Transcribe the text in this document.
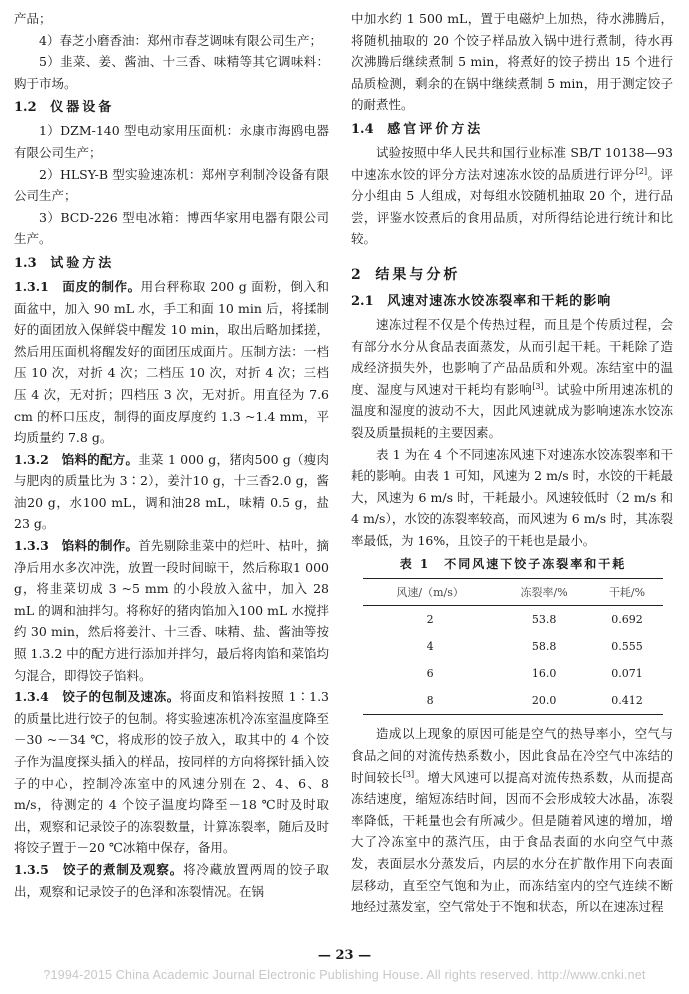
产品；

4）春芝小磨香油：郑州市春芝调味有限公司生产；

5）韭菜、姜、酱油、十三香、味精等其它调味料：购于市场。

1.2 仪器设备

1）DZM-140 型电动家用压面机：永康市海鸥电器有限公司生产；

2）HLSY-B 型实验速冻机：郑州亨利制冷设备有限公司生产；

3）BCD-226 型电冰箱：博西华家用电器有限公司生产。

1.3 试验方法

1.3.1　面皮的制作。用台秤称取 200 g 面粉，倒入和面盆中，加入 90 mL 水，手工和面 10 min 后，将揉制好的面团放入保鲜袋中醒发 10 min，取出后略加揉搓，然后用压面机将醒发好的面团压成面片。压制方法：一档压 10 次，对折 4 次；二档压 10 次，对折 4 次；三档压 4 次，无对折；四档压 3 次，无对折。用直径为 7.6 cm 的杯口压皮，制得的面皮厚度约 1.3 ~1.4 mm，平均质量约 7.8 g。

1.3.2　馅料的配方。韭菜 1 000 g，猪肉500 g（瘦肉与肥肉的质量比为 3∶2），姜汁10 g，十三香2.0 g，酱油20 g，水100 mL，调和油28 mL，味精 0.5 g，盐 23 g。

1.3.3　馅料的制作。首先剔除韭菜中的烂叶、枯叶，摘净后用水多次冲洗，放置一段时间晾干，然后称取1 000 g，将韭菜切成 3 ~5 mm 的小段放入盆中，加入 28 mL 的调和油拌匀。将称好的猪肉馅加入100 mL 水搅拌约 30 min，然后将姜汁、十三香、味精、盐、酱油等按照 1.3.2 中的配方进行添加并拌匀，最后将肉馅和菜馅均匀混合，即得饺子馅料。

1.3.4　饺子的包制及速冻。将面皮和馅料按照 1∶1.3的质量比进行饺子的包制。将实验速冻机冷冻室温度降至－30 ~－34 ℃，将成形的饺子放入，取其中的 4 个饺子作为温度探头插入的样品，按同样的方向将探针插入饺子的中心，控制冷冻室中的风速分别在 2、4、6、8 m/s，待测定的 4 个饺子温度均降至－18 ℃时及时取出，观察和记录饺子的冻裂数量，计算冻裂率，随后及时将饺子置于－20 ℃冰箱中保存，备用。

1.3.5　饺子的煮制及观察。将冷藏放置两周的饺子取出，观察和记录饺子的色泽和冻裂情况。在锅

中加水约 1 500 mL，置于电磁炉上加热，待水沸腾后，将随机抽取的 20 个饺子样品放入锅中进行煮制，待水再次沸腾后继续煮制 5 min，将煮好的饺子捞出 15 个进行品质检测，剩余的在锅中继续煮制 5 min，用于测定饺子的耐煮性。

1.4 感官评价方法

试验按照中华人民共和国行业标准 SB/T 10138—93 中速冻水饺的评分方法对速冻水饺的品质进行评分[2]。评分小组由 5 人组成，对每组水饺随机抽取 20 个，进行品尝，评鉴水饺煮后的食用品质，对所得结论进行统计和比较。

2 结果与分析
2.1 风速对速冻水饺冻裂率和干耗的影响

速冻过程不仅是个传热过程，而且是个传质过程，会有部分水分从食品表面蒸发，从而引起干耗。干耗除了造成经济损失外，也影响了产品品质和外观。冻结室中的温度、湿度与风速对干耗均有影响[3]。试验中所用速冻机的温度和湿度的波动不大，因此风速就成为影响速冻水饺冻裂及质量损耗的主要因素。

表 1 为在 4 个不同速冻风速下对速冻水饺冻裂率和干耗的影响。由表 1 可知，风速为 2 m/s 时，水饺的干耗最大，风速为 6 m/s 时，干耗最小。风速较低时（2 m/s 和 4 m/s），水饺的冻裂率较高，而风速为 6 m/s 时，其冻裂率最低，为 16%，且饺子的干耗也是最小。

表 1　不同风速下饺子冻裂率和干耗
风速/（m/s）	冻裂率/%	干耗/%
2	53.8	0.692
4	58.8	0.555
6	16.0	0.071
8	20.0	0.412

造成以上现象的原因可能是空气的热导率小，空气与食品之间的对流传热系数小，因此食品在冷空气中冻结的时间较长[3]。增大风速可以提高对流传热系数，从而提高冻结速度，缩短冻结时间，因而不会形成较大冰晶，冻裂率降低，干耗量也会有所减少。但是随着风速的增加，增大了冷冻室中的蒸汽压，由于食品表面的水向空气中蒸发，表面层水分蒸发后，内层的水分在扩散作用下向表面层移动，直至空气饱和为止，而冻结室内的空气连续不断地经过蒸发室，空气常处于不饱和状态，所以在速冻过程

— 23 —
?1994-2015 China Academic Journal Electronic Publishing House. All rights reserved. http://www.cnki.net
